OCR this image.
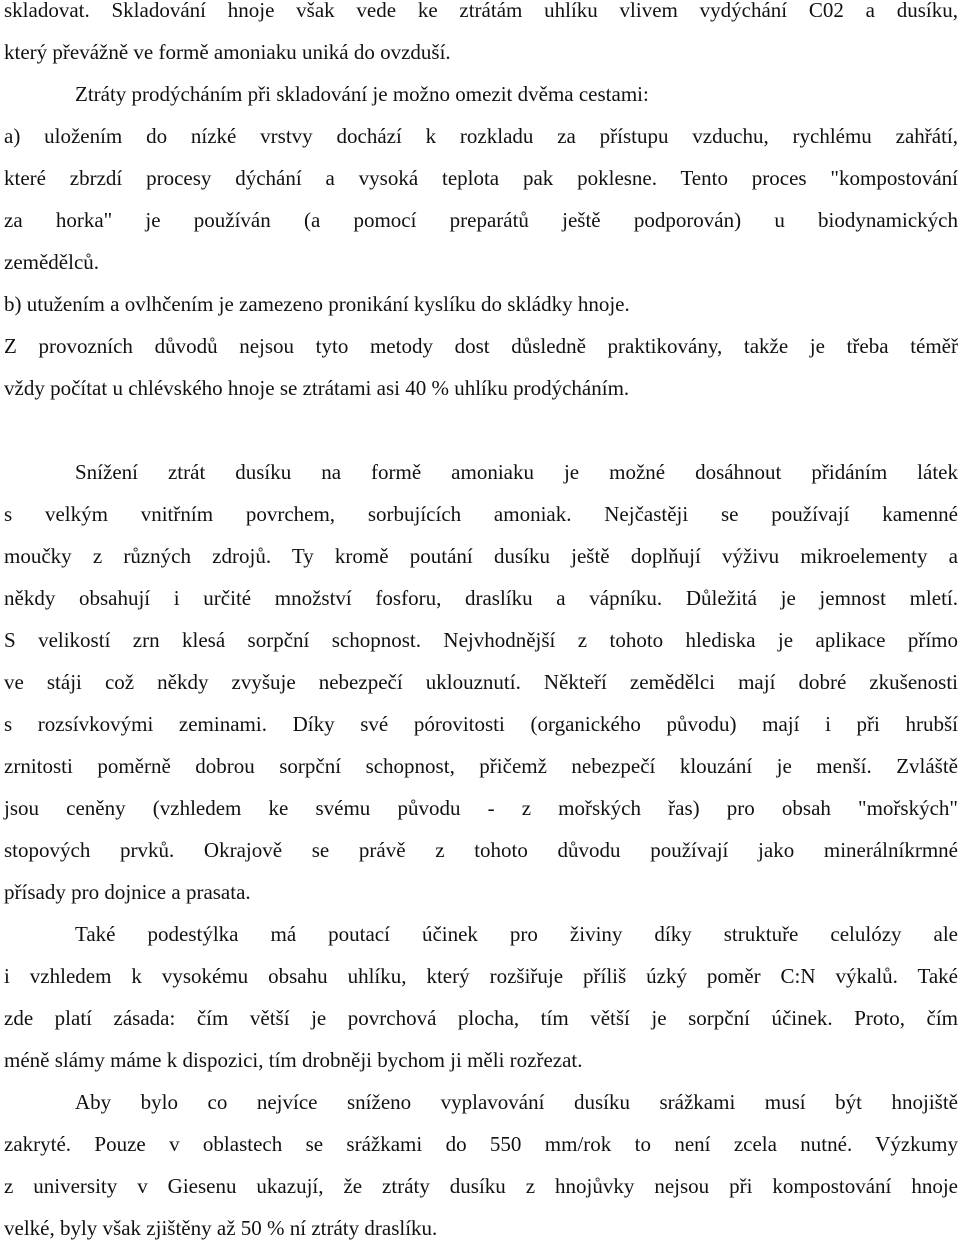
skladovat. Skladování hnoje však vede ke ztrátám uhlíku vlivem vydýchání C02 a dusíku,
který převážně ve formě amoniaku uniká do ovzduší.
Ztráty prodýcháním při skladování je možno omezit dvěma cestami:
a) uložením do nízké vrstvy dochází k rozkladu za přístupu vzduchu, rychlému zahřátí,
které zbrzdí procesy dýchání a vysoká teplota pak poklesne. Tento proces "kompostování
za horka" je používán (a pomocí preparátů ještě podporován) u biodynamických
zemědělců.
b) utužením a ovlhčením je zamezeno pronikání kyslíku do skládky hnoje.
Z provozních důvodů nejsou tyto metody dost důsledně praktikovány, takže je třeba téměř
vždy počítat u chlévského hnoje se ztrátami asi 40 % uhlíku prodýcháním.
Snížení ztrát dusíku na formě amoniaku je možné dosáhnout přidáním látek
s velkým vnitřním povrchem, sorbujících amoniak. Nejčastěji se používají kamenné
moučky z různých zdrojů. Ty kromě poutání dusíku ještě doplňují výživu mikroelementy a
někdy obsahují i určité množství fosforu, draslíku a vápníku. Důležitá je jemnost mletí.
S velikostí zrn klesá sorpční schopnost. Nejvhodnější z tohoto hlediska je aplikace přímo
ve stáji což někdy zvyšuje nebezpečí uklouznutí. Někteří zemědělci mají dobré zkušenosti
s rozsívkovými zeminami. Díky své pórovitosti (organického původu) mají i při hrubší
zrnitosti poměrně dobrou sorpční schopnost, přičemž nebezpečí klouzání je menší. Zvláště
jsou ceněny (vzhledem ke svému původu - z mořských řas) pro obsah "mořských"
stopových prvků. Okrajově se právě z tohoto důvodu používají jako minerálníkrmné
přísady pro dojnice a prasata.
Také podestýlka má poutací účinek pro živiny díky struktuře celulózy ale
i vzhledem k vysokému obsahu uhlíku, který rozšiřuje příliš úzký poměr C:N výkalů. Také
zde platí zásada: čím větší je povrchová plocha, tím větší je sorpční účinek. Proto, čím
méně slámy máme k dispozici, tím drobněji bychom ji měli rozřezat.
Aby bylo co nejvíce sníženo vyplavování dusíku srážkami musí být hnojiště
zakryté. Pouze v oblastech se srážkami do 550 mm/rok to není zcela nutné. Výzkumy
z university v Giesenu ukazují, že ztráty dusíku z hnojůvky nejsou při kompostování hnoje
velké, byly však zjištěny až 50 % ní ztráty draslíku.
